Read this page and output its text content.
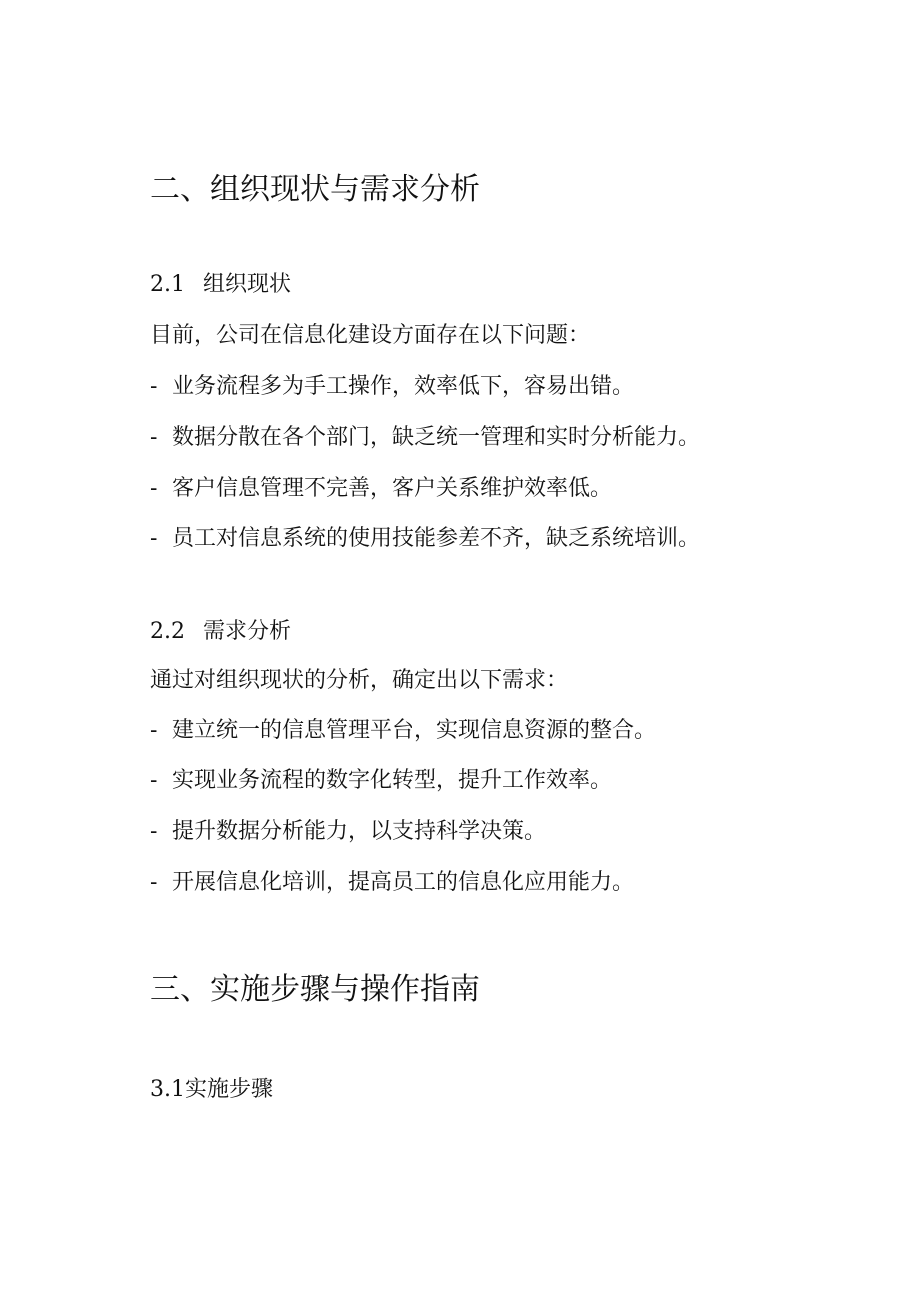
二、组织现状与需求分析
2.1 组织现状
目前，公司在信息化建设方面存在以下问题：
- 业务流程多为手工操作，效率低下，容易出错。
- 数据分散在各个部门，缺乏统一管理和实时分析能力。
- 客户信息管理不完善，客户关系维护效率低。
- 员工对信息系统的使用技能参差不齐，缺乏系统培训。
2.2 需求分析
通过对组织现状的分析，确定出以下需求：
- 建立统一的信息管理平台，实现信息资源的整合。
- 实现业务流程的数字化转型，提升工作效率。
- 提升数据分析能力，以支持科学决策。
- 开展信息化培训，提高员工的信息化应用能力。
三、实施步骤与操作指南
3.1实施步骤
